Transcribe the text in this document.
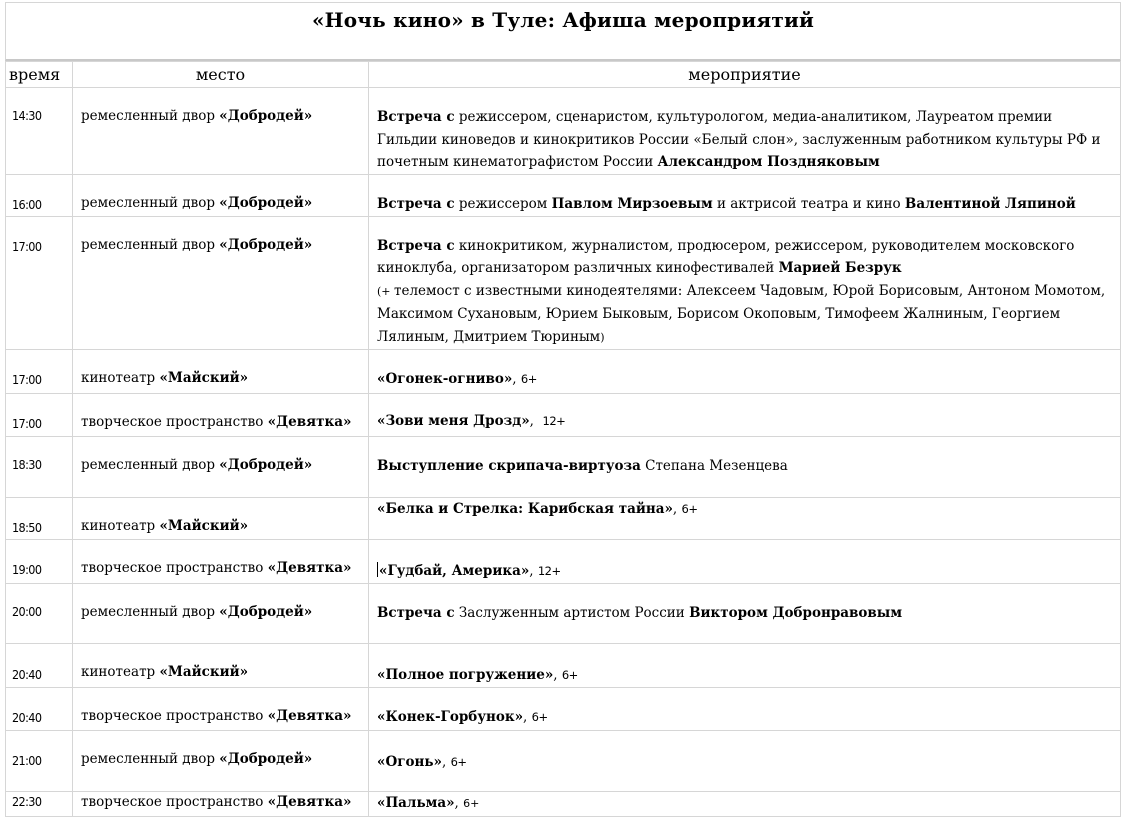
«Ночь кино» в Туле: Афиша мероприятий
время	место	мероприятие
14:30	ремесленный двор «Добродей»	Встреча с режиссером, сценаристом, культурологом, медиа-аналитиком, Лауреатом премии Гильдии киноведов и кинокритиков России «Белый слон», заслуженным работником культуры РФ и почетным кинематографистом России Александром Поздняковым
16:00	ремесленный двор «Добродей»	Встреча с режиссером Павлом Мирзоевым и актрисой театра и кино Валентиной Ляпиной
17:00	ремесленный двор «Добродей»	Встреча с кинокритиком, журналистом, продюсером, режиссером, руководителем московского киноклуба, организатором различных кинофестивалей Марией Безрук
(+ телемост с известными кинодеятелями: Алексеем Чадовым, Юрой Борисовым, Антоном Момотом, Максимом Сухановым, Юрием Быковым, Борисом Окоповым, Тимофеем Жалниным, Георгием Лялиным, Дмитрием Тюриным)
17:00	кинотеатр «Майский»	«Огонек-огниво», 6+
17:00	творческое пространство «Девятка»	«Зови меня Дрозд»,  12+
18:30	ремесленный двор «Добродей»	Выступление скрипача-виртуоза Степана Мезенцева
18:50	кинотеатр «Майский»	«Белка и Стрелка: Карибская тайна», 6+
19:00	творческое пространство «Девятка»	«Гудбай, Америка», 12+
20:00	ремесленный двор «Добродей»	Встреча с Заслуженным артистом России Виктором Добронравовым
20:40	кинотеатр «Майский»	«Полное погружение», 6+
20:40	творческое пространство «Девятка»	«Конек-Горбунок», 6+
21:00	ремесленный двор «Добродей»	«Огонь», 6+
22:30	творческое пространство «Девятка»	«Пальма», 6+
